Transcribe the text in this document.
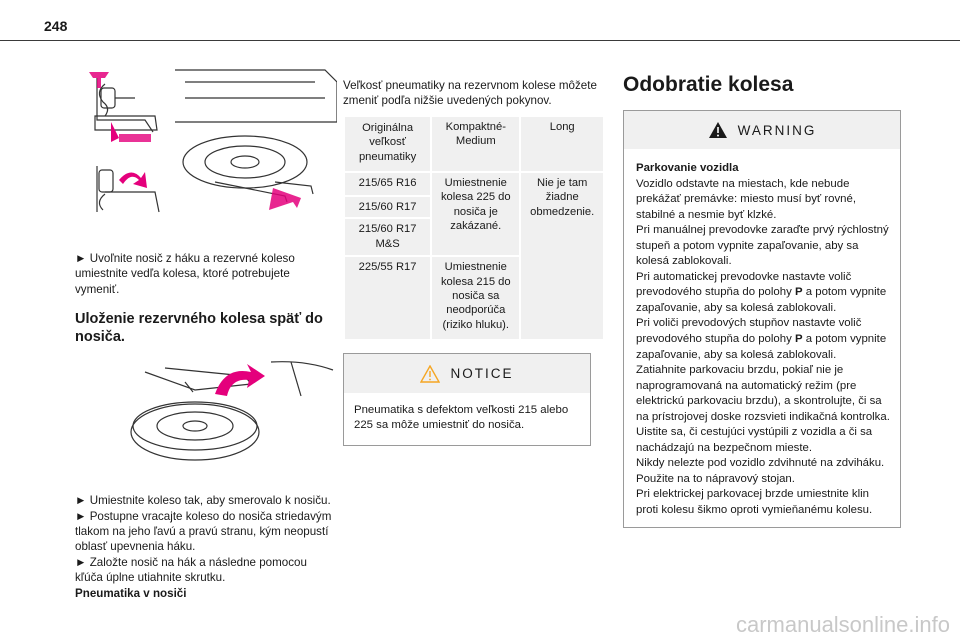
248
► Uvoľnite nosič z háku a rezervné koleso umiestnite vedľa kolesa, ktoré potrebujete vymeniť.
Uloženie rezervného kolesa späť do nosiča.
► Umiestnite koleso tak, aby smerovalo k nosiču.
► Postupne vracajte koleso do nosiča striedavým tlakom na jeho ľavú a pravú stranu, kým neopustí oblasť upevnenia háku.
► Založte nosič na hák a následne pomocou kľúča úplne utiahnite skrutku.
Pneumatika v nosiči
Veľkosť pneumatiky na rezervnom kolese môžete zmeniť podľa nižšie uvedených pokynov.
Originálna veľkosť pneumatiky	Kompaktné-Medium	Long
215/65 R16	Umiestnenie kolesa 225 do nosiča je zakázané.	Nie je tam žiadne obmedzenie.
215/60 R17		
215/60 R17 M&S		
225/55 R17	Umiestnenie kolesa 215 do nosiča sa neodporúča (riziko hluku).	
NOTICE
Pneumatika s defektom veľkosti 215 alebo 225 sa môže umiestniť do nosiča.
Odobratie kolesa
WARNING
Parkovanie vozidla
Vozidlo odstavte na miestach, kde nebude prekážať premávke: miesto musí byť rovné, stabilné a nesmie byť klzké.
Pri manuálnej prevodovke zaraďte prvý rýchlostný stupeň a potom vypnite zapaľovanie, aby sa kolesá zablokovali.
Pri automatickej prevodovke nastavte volič prevodového stupňa do polohy P a potom vypnite zapaľovanie, aby sa kolesá zablokovali.
Pri voliči prevodových stupňov nastavte volič prevodového stupňa do polohy P a potom vypnite zapaľovanie, aby sa kolesá zablokovali.
Zatiahnite parkovaciu brzdu, pokiaľ nie je naprogramovaná na automatický režim (pre elektrickú parkovaciu brzdu), a skontrolujte, či sa na prístrojovej doske rozsvieti indikačná kontrolka.
Uistite sa, či cestujúci vystúpili z vozidla a či sa nachádzajú na bezpečnom mieste.
Nikdy nelezte pod vozidlo zdvihnuté na zdviháku. Použite na to nápravový stojan.
Pri elektrickej parkovacej brzde umiestnite klin proti kolesu šikmo oproti vymieňanému kolesu.
carmanualsonline.info
